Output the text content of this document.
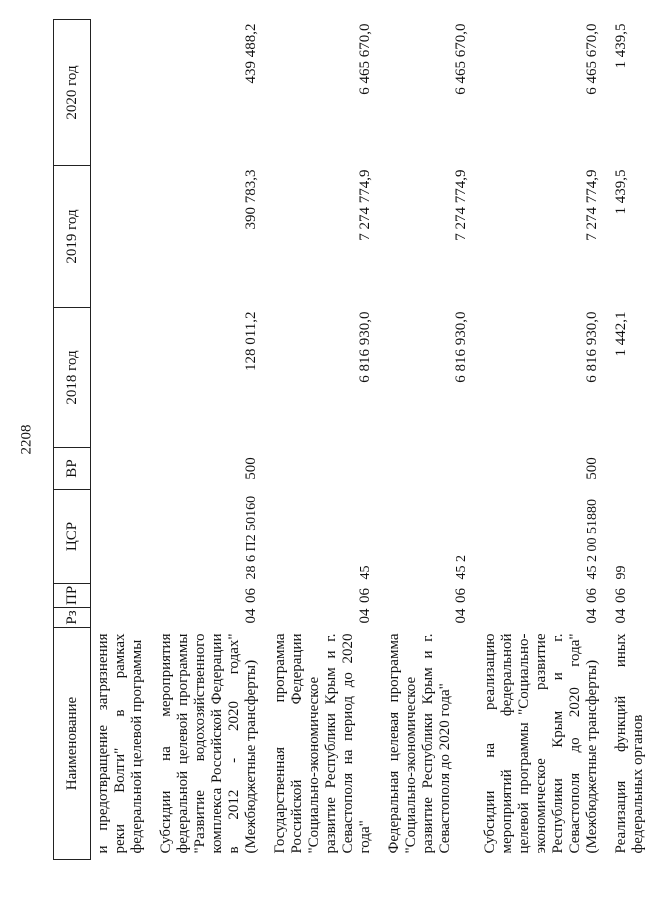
2208
Наименование	Рз	ПР	ЦСР	ВР	2018 год	2019 год	2020 год
и предотвращение загрязнения реки Волги" в рамках федеральной целевой программы							
Субсидии на мероприятия федеральной целевой программы "Развитие водохозяйственного комплекса Российской Федерации в 2012 - 2020 годах" (Межбюджетные трансферты)	04	06	28 6 П2 50160	500	128 011,2	390 783,3	439 488,2
Государственная программа Российской Федерации "Социально-экономическое развитие Республики Крым и г. Севастополя на период до 2020 года"	04	06	45		6 816 930,0	7 274 774,9	6 465 670,0
Федеральная целевая программа "Социально-экономическое развитие Республики Крым и г. Севастополя до 2020 года"	04	06	45 2		6 816 930,0	7 274 774,9	6 465 670,0
Субсидии на реализацию мероприятий федеральной целевой программы "Социально-экономическое развитие Республики Крым и г. Севастополя до 2020 года" (Межбюджетные трансферты)	04	06	45 2 00 51880	500	6 816 930,0	7 274 774,9	6 465 670,0
Реализация функций иных федеральных органов	04	06	99		1 442,1	1 439,5	1 439,5
